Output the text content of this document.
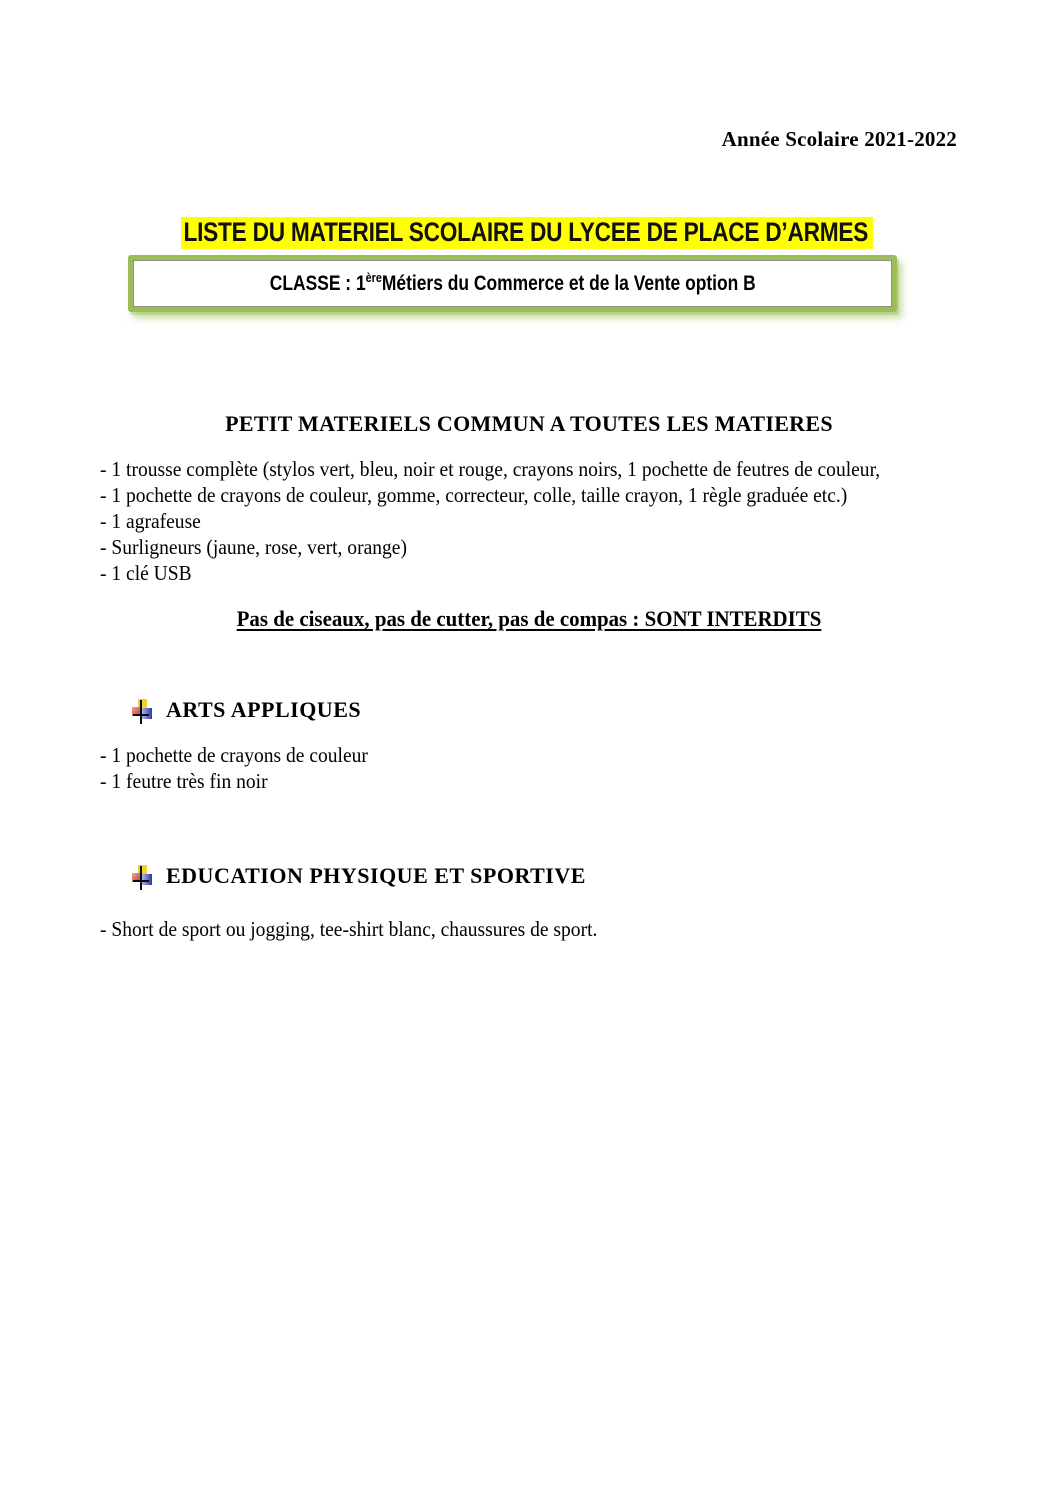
Année Scolaire 2021-2022
LISTE DU MATERIEL SCOLAIRE DU LYCEE DE PLACE D’ARMES
CLASSE : 1èreMétiers du Commerce et de la Vente option B
PETIT MATERIELS COMMUN A TOUTES LES MATIERES
- 1 trousse complète (stylos vert, bleu, noir et rouge, crayons noirs, 1 pochette de feutres de couleur,
- 1 pochette de crayons de couleur, gomme, correcteur, colle, taille crayon, 1 règle graduée etc.)
- 1 agrafeuse
- Surligneurs (jaune, rose, vert, orange)
- 1 clé USB
Pas de ciseaux, pas de cutter, pas de compas : SONT INTERDITS
ARTS APPLIQUES
- 1 pochette de crayons de couleur
- 1 feutre très fin noir
EDUCATION PHYSIQUE ET SPORTIVE
- Short de sport ou jogging, tee-shirt blanc, chaussures de sport.
